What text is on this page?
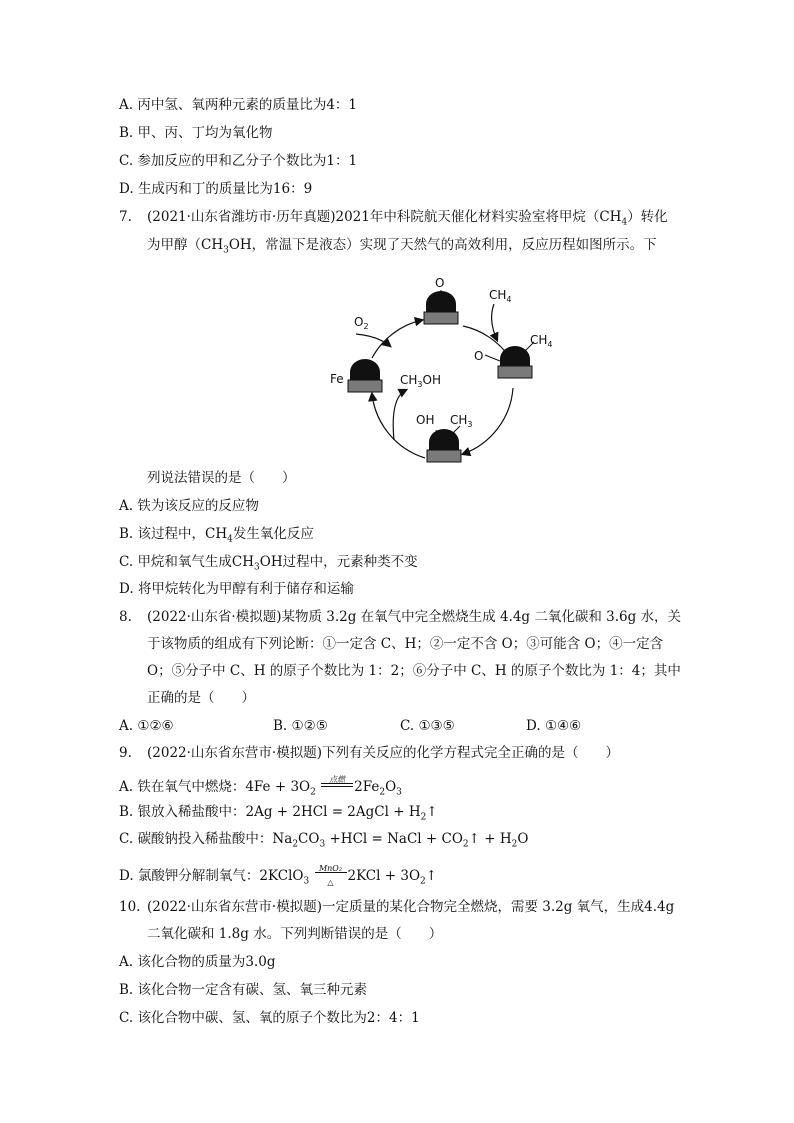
A. 丙中氢、氧两种元素的质量比为4：1
B. 甲、丙、丁均为氧化物
C. 参加反应的甲和乙分子个数比为1：1
D. 生成丙和丁的质量比为16：9
7. (2021·山东省潍坊市·历年真题)2021年中科院航天催化材料实验室将甲烷$(CH_4)$转化
为甲醇（$CH_3OH$，常温下是液态）实现了天然气的高效利用，反应历程如图所示。下
O
O
$CH_4$
Fe
OH $CH_3$
$O_2$
$CH_4$
$CH_3OH$
列说法错误的是（　　）
A. 铁为该反应的反应物
B. 该过程中，$CH_4$发生氧化反应
C. 甲烷和氧气生成$CH_3OH$过程中，元素种类不变
D. 将甲烷转化为甲醇有利于储存和运输
8. (2022·山东省·模拟题)某物质 3.2g 在氧气中完全燃烧生成 4.4g 二氧化碳和 3.6g 水，关
于该物质的组成有下列论断：①一定含 C、H；②一定不含 O；③可能含 O；④一定含
O；⑤分子中 C、H 的原子个数比为 1：2；⑥分子中 C、H 的原子个数比为 1：4；其中
正确的是（　　）
A. ①②⑥	B. ①②⑤	C. ①③⑤	D. ①④⑥
9. (2022·山东省东营市·模拟题)下列有关反应的化学方程式完全正确的是（　　）
A. 铁在氧气中燃烧：$4Fe + 3O_2$
点燃 $2Fe_2O_3$
B. 银放入稀盐酸中：2Ag + 2HCl = 2AgCl + $H_2↑$
C. 碳酸钠投入稀盐酸中：$Na_2CO_3 +HCl$ = NaCl + $CO_2↑ + H_2O$
D. 氯酸钾分解制氧气：2KClO$_3$
MnO₂
△	$2KCl + 3O_2↑$
10. (2022·山东省东营市·模拟题)一定质量的某化合物完全燃烧，需要 3.2g 氧气，生成4.4g
二氧化碳和 1.8g 水。下列判断错误的是（　　）
A. 该化合物的质量为3.0g
B. 该化合物一定含有碳、氢、氧三种元素
C. 该化合物中碳、氢、氧的原子个数比为2：4：1
